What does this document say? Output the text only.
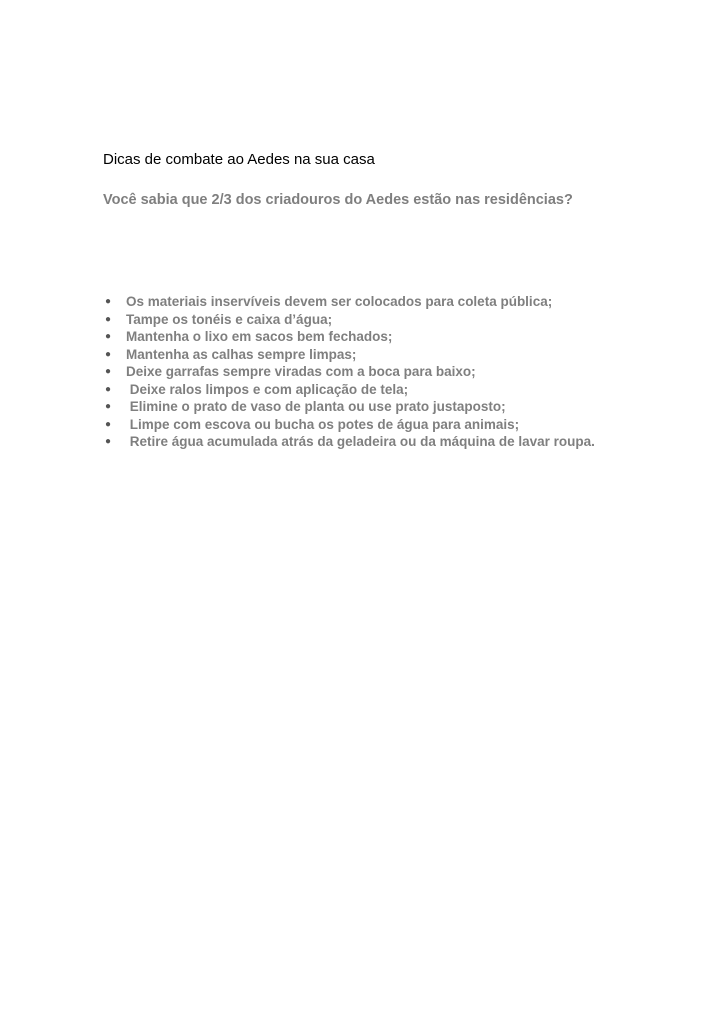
Dicas de combate ao Aedes na sua casa

Você sabia que 2/3 dos criadouros do Aedes estão nas residências?

● Os materiais inservíveis devem ser colocados para coleta pública;
● Tampe os tonéis e caixa d’água;
● Mantenha o lixo em sacos bem fechados;
● Mantenha as calhas sempre limpas;
● Deixe garrafas sempre viradas com a boca para baixo;
● Deixe ralos limpos e com aplicação de tela;
● Elimine o prato de vaso de planta ou use prato justaposto;
● Limpe com escova ou bucha os potes de água para animais;
● Retire água acumulada atrás da geladeira ou da máquina de lavar roupa.
